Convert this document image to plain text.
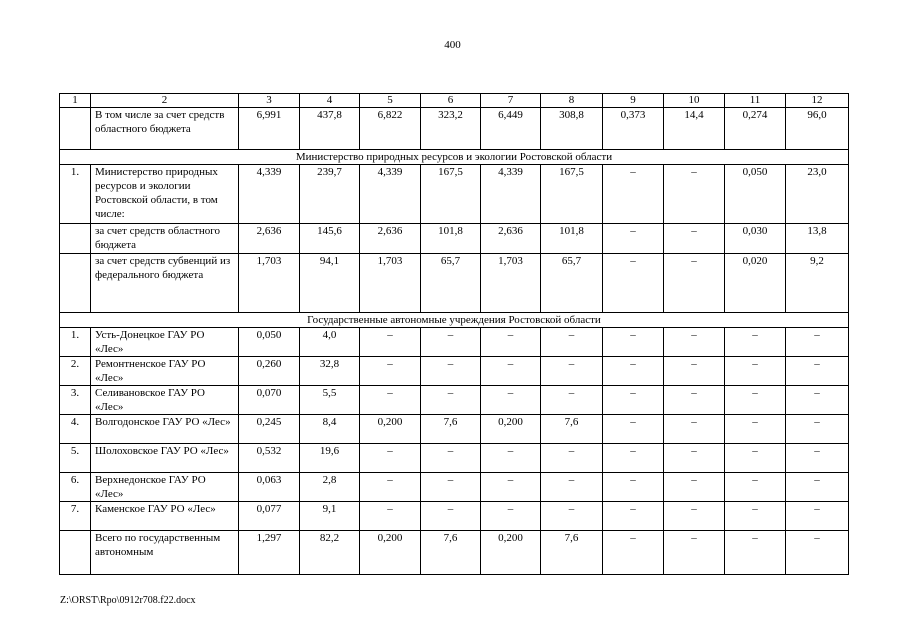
400
1	2	3	4	5	6	7	8	9	10	11	12
	В том числе за счет средств областного бюджета	6,991	437,8	6,822	323,2	6,449	308,8	0,373	14,4	0,274	96,0
Министерство природных ресурсов и экологии Ростовской области											
1.	Министерство природных ресурсов и экологии Ростовской области, в том числе:	4,339	239,7	4,339	167,5	4,339	167,5	–	–	0,050	23,0
	за счет средств областного бюджета	2,636	145,6	2,636	101,8	2,636	101,8	–	–	0,030	13,8
	за счет средств субвенций из федерального бюджета	1,703	94,1	1,703	65,7	1,703	65,7	–	–	0,020	9,2
Государственные автономные учреждения Ростовской области											
1.	Усть-Донецкое ГАУ РО «Лес»	0,050	4,0	–	–	–	–	–	–	–	–
2.	Ремонтненское ГАУ РО «Лес»	0,260	32,8	–	–	–	–	–	–	–	–
3.	Селивановское ГАУ РО «Лес»	0,070	5,5	–	–	–	–	–	–	–	–
4.	Волгодонское ГАУ РО «Лес»	0,245	8,4	0,200	7,6	0,200	7,6	–	–	–	–
5.	Шолоховское ГАУ РО «Лес»	0,532	19,6	–	–	–	–	–	–	–	–
6.	Верхнедонское ГАУ РО «Лес»	0,063	2,8	–	–	–	–	–	–	–	–
7.	Каменское ГАУ РО «Лес»	0,077	9,1	–	–	–	–	–	–	–	–
	Всего по государственным автономным	1,297	82,2	0,200	7,6	0,200	7,6	–	–	–	–
Z:\ORST\Rpo\0912r708.f22.docx
